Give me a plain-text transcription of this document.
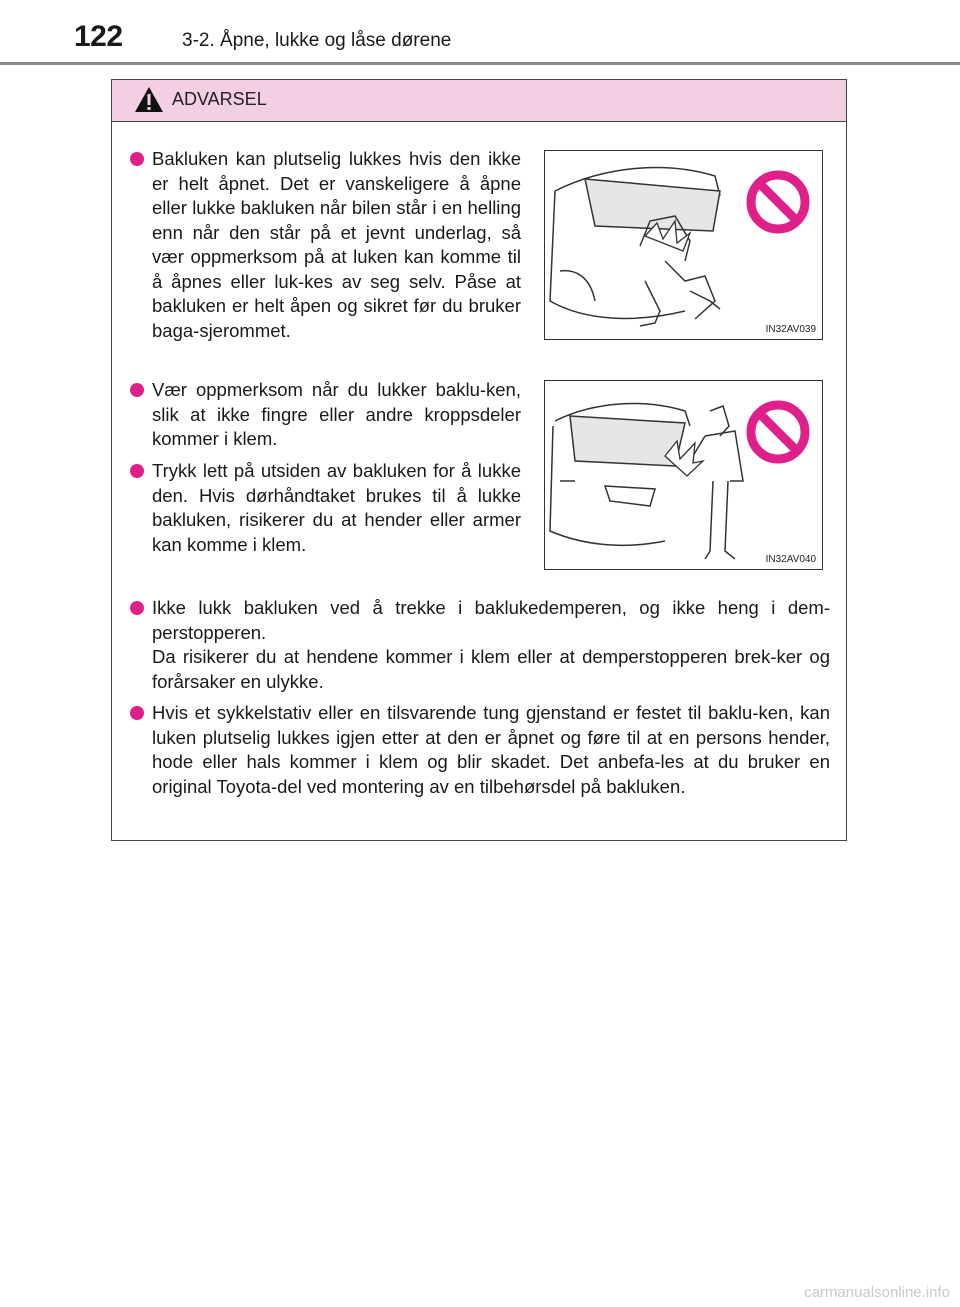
122	3-2. Åpne, lukke og låse dørene
ADVARSEL
Bakluken kan plutselig lukkes hvis den ikke er helt åpnet. Det er vanskeligere å åpne eller lukke bakluken når bilen står i en helling enn når den står på et jevnt underlag, så vær oppmerksom på at luken kan komme til å åpnes eller luk-kes av seg selv. Påse at bakluken er helt åpen og sikret før du bruker baga-sjerommet.	IN32AV039
Vær oppmerksom når du lukker baklu-ken, slik at ikke fingre eller andre kroppsdeler kommer i klem.
Trykk lett på utsiden av bakluken for å lukke den. Hvis dørhåndtaket brukes til å lukke bakluken, risikerer du at hender eller armer kan komme i klem.
IN32AV040
Ikke lukk bakluken ved å trekke i baklukedemperen, og ikke heng i dem-perstopperen.
Da risikerer du at hendene kommer i klem eller at demperstopperen brek-ker og forårsaker en ulykke.
Hvis et sykkelstativ eller en tilsvarende tung gjenstand er festet til baklu-ken, kan luken plutselig lukkes igjen etter at den er åpnet og føre til at en persons hender, hode eller hals kommer i klem og blir skadet. Det anbefa-les at du bruker en original Toyota-del ved montering av en tilbehørsdel på bakluken.
carmanualsonline.info
